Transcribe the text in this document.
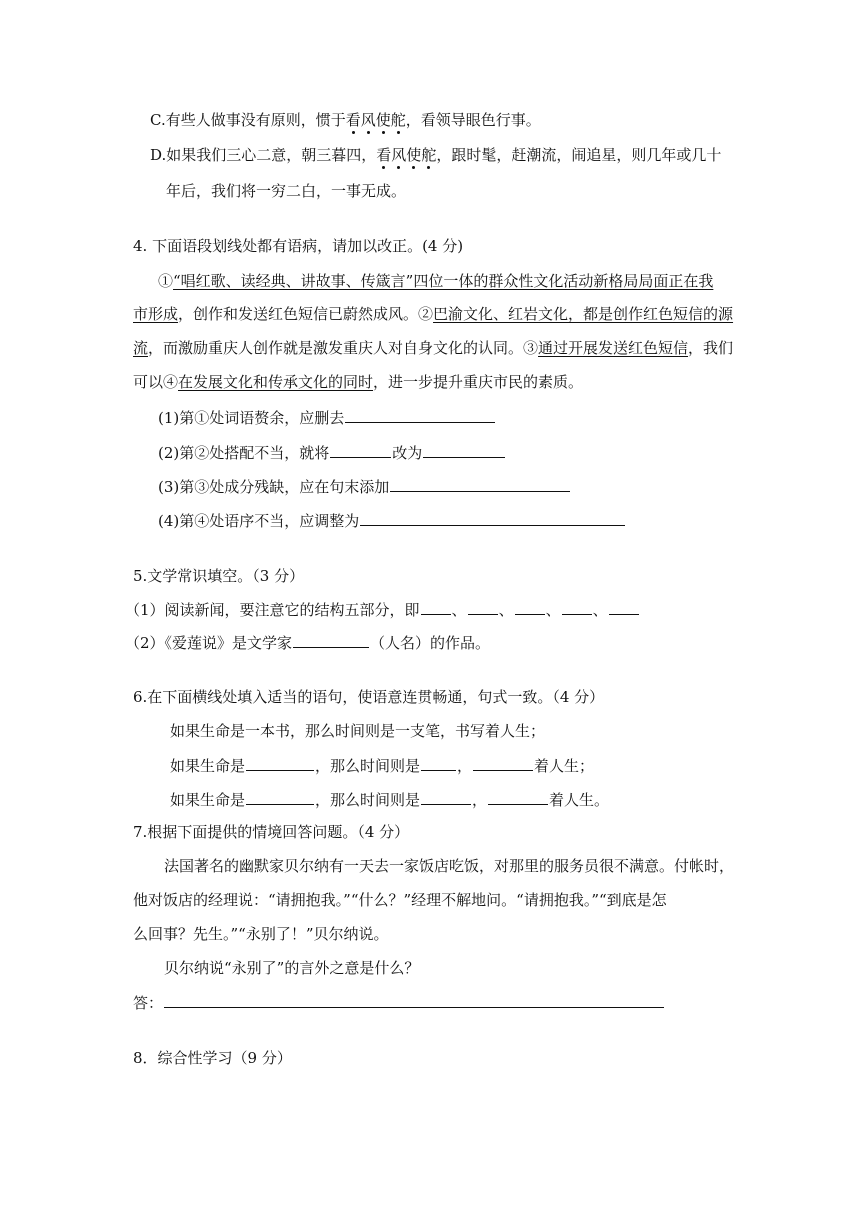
C.有些人做事没有原则，惯于看风使舵，看领导眼色行事。
D.如果我们三心二意，朝三暮四，看风使舵，跟时髦，赶潮流，闹追星，则几年或几十
年后，我们将一穷二白，一事无成。
4. 下面语段划线处都有语病，请加以改正。(4 分)
①“唱红歌、读经典、讲故事、传箴言”四位一体的群众性文化活动新格局局面正在我
市形成，创作和发送红色短信已蔚然成风。②巴渝文化、红岩文化，都是创作红色短信的源
流，而激励重庆人创作就是激发重庆人对自身文化的认同。③通过开展发送红色短信，我们
可以④在发展文化和传承文化的同时，进一步提升重庆市民的素质。
(1)第①处词语赘余，应删去
(2)第②处搭配不当，就将	改为
(3)第③处成分残缺，应在句末添加
(4)第④处语序不当，应调整为
5.文学常识填空。（3 分）
（1）阅读新闻，要注意它的结构五部分，即 、 、 、 、
（2）《爱莲说》是文学家	（人名）的作品。
6.在下面横线处填入适当的语句，使语意连贯畅通，句式一致。（4 分）
如果生命是一本书，那么时间则是一支笔，书写着人生；
如果生命是	，那么时间则是 ，	着人生；
如果生命是	，那么时间则是	，	着人生。
7.根据下面提供的情境回答问题。（4 分）
法国著名的幽默家贝尔纳有一天去一家饭店吃饭，对那里的服务员很不满意。付帐时，
他对饭店的经理说：“请拥抱我。”“什么？”经理不解地问。“请拥抱我。”“到底是怎
么回事？先生。”“永别了！”贝尔纳说。
贝尔纳说“永别了”的言外之意是什么？
答：
8．综合性学习（9 分）
